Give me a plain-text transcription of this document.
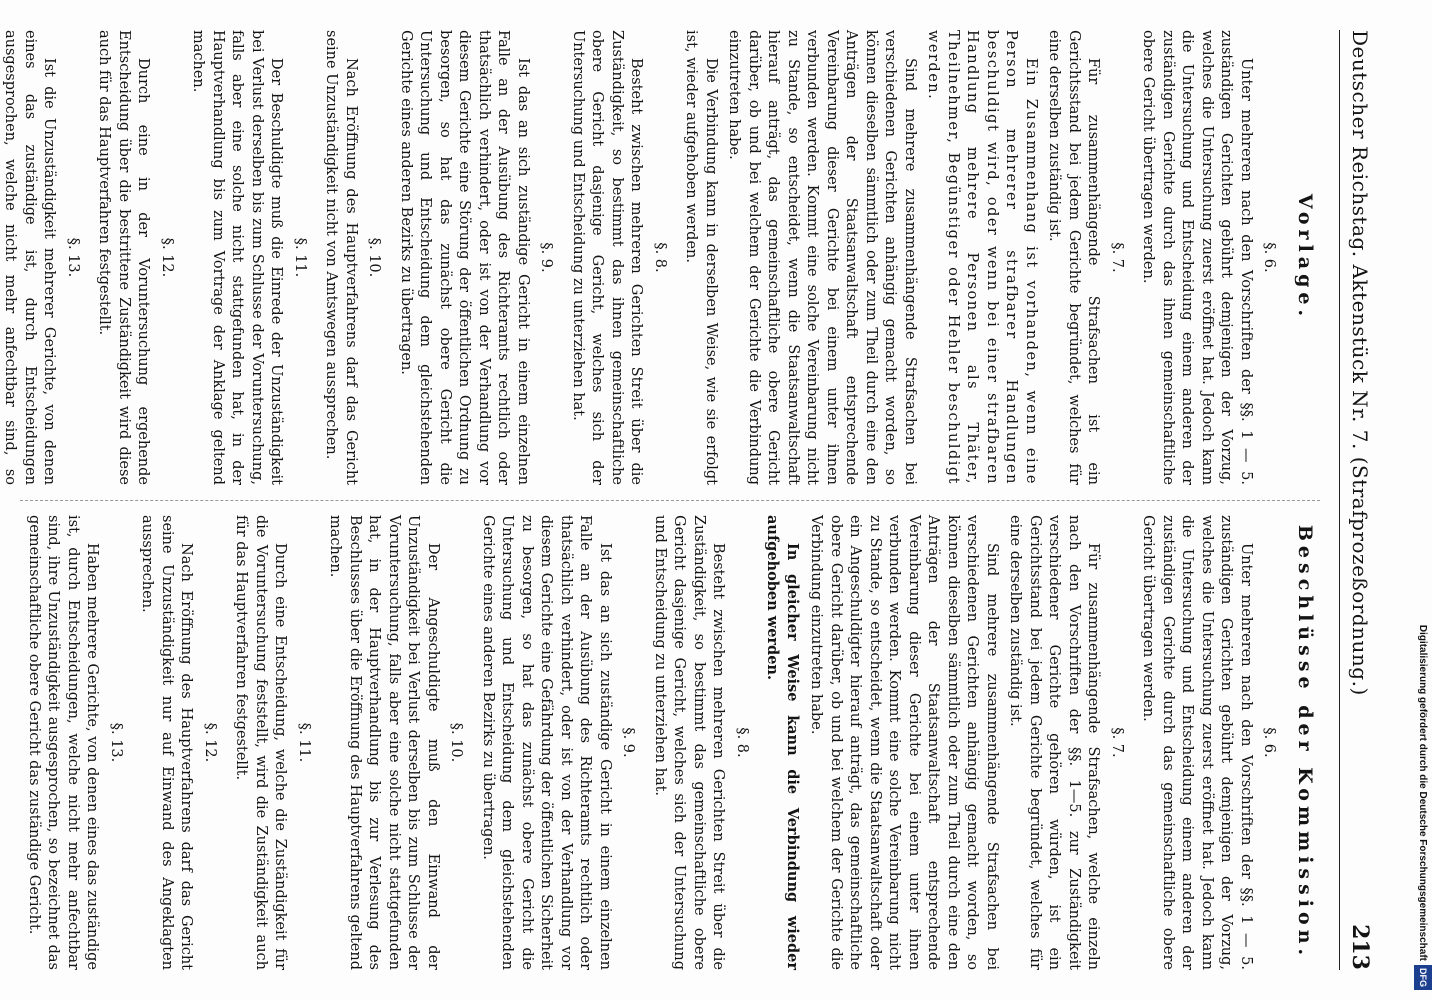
Deutscher Reichstag. Aktenstück Nr. 7. (Strafprozeßordnung.)
213
Vorlage.
§. 6.

Unter mehreren nach den Vorschriften der §§. 1 — 5. zuständigen Gerichten gebührt demjenigen der Vorzug, welches die Untersuchung zuerst eröffnet hat. Jedoch kann die Untersuchung und Entscheidung einem anderen der zuständigen Gerichte durch das ihnen gemeinschaftliche obere Gericht übertragen werden.

§. 7.

Für zusammenhängende Strafsachen ist ein Gerichtsstand bei jedem Gerichte begründet, welches für eine derselben zuständig ist.

Ein Zusammenhang ist vorhanden, wenn eine Person mehrerer strafbarer Handlungen beschuldigt wird, oder wenn bei einer strafbaren Handlung mehrere Personen als Thäter, Theilnehmer, Begünstiger oder Hehler beschuldigt werden.

Sind mehrere zusammenhängende Strafsachen bei verschiedenen Gerichten anhängig gemacht worden, so können dieselben sämmtlich oder zum Theil durch eine den Anträgen der Staatsanwaltschaft entsprechende Vereinbarung dieser Gerichte bei einem unter ihnen verbunden werden. Kommt eine solche Vereinbarung nicht zu Stande, so entscheidet, wenn die Staatsanwaltschaft hierauf anträgt, das gemeinschaftliche obere Gericht darüber, ob und bei welchem der Gerichte die Verbindung einzutreten habe.

Die Verbindung kann in derselben Weise, wie sie erfolgt ist, wieder aufgehoben werden.

§. 8.

Besteht zwischen mehreren Gerichten Streit über die Zuständigkeit, so bestimmt das ihnen gemeinschaftliche obere Gericht dasjenige Gericht, welches sich der Untersuchung und Entscheidung zu unterziehen hat.

§. 9.

Ist das an sich zuständige Gericht in einem einzelnen Falle an der Ausübung des Richteramts rechtlich oder thatsächlich verhindert, oder ist von der Verhandlung vor diesem Gerichte eine Störung der öffentlichen Ordnung zu besorgen, so hat das zunächst obere Gericht die Untersuchung und Entscheidung dem gleichstehenden Gerichte eines anderen Bezirks zu übertragen.

§. 10.

Nach Eröffnung des Hauptverfahrens darf das Gericht seine Unzuständigkeit nicht von Amtswegen aussprechen.

§. 11.

Der Beschuldigte muß die Einrede der Unzuständigkeit bei Verlust derselben bis zum Schlusse der Voruntersuchung, falls aber eine solche nicht stattgefunden hat, in der Hauptverhandlung bis zum Vortrage der Anklage geltend machen.

§. 12.

Durch eine in der Voruntersuchung ergehende Entscheidung über die bestrittene Zuständigkeit wird diese auch für das Hauptverfahren festgestellt.

§. 13.

Ist die Unzuständigkeit mehrerer Gerichte, von denen eines das zuständige ist, durch Entscheidungen ausgesprochen, welche nicht mehr anfechtbar sind, so

Beschlüsse der Kommission.
§. 6.

Unter mehreren nach den Vorschriften der §§. 1 — 5. zuständigen Gerichten gebührt demjenigen der Vorzug, welches die Untersuchung zuerst eröffnet hat. Jedoch kann die Untersuchung und Entscheidung einem anderen der zuständigen Gerichte durch das gemeinschaftliche obere Gericht übertragen werden.

§. 7.

Für zusammenhängende Strafsachen, welche einzeln nach den Vorschriften der §§. 1—5. zur Zuständigkeit verschiedener Gerichte gehören würden, ist ein Gerichtsstand bei jedem Gerichte begründet, welches für eine derselben zuständig ist.

Sind mehrere zusammenhängende Strafsachen bei verschiedenen Gerichten anhängig gemacht worden, so können dieselben sämmtlich oder zum Theil durch eine den Anträgen der Staatsanwaltschaft entsprechende Vereinbarung dieser Gerichte bei einem unter ihnen verbunden werden. Kommt eine solche Vereinbarung nicht zu Stande, so entscheidet, wenn die Staatsanwaltschaft oder ein Angeschuldigter hierauf anträgt, das gemeinschaftliche obere Gericht darüber, ob und bei welchem der Gerichte die Verbindung einzutreten habe.

In gleicher Weise kann die Verbindung wieder aufgehoben werden.

§. 8.

Besteht zwischen mehreren Gerichten Streit über die Zuständigkeit, so bestimmt das gemeinschaftliche obere Gericht dasjenige Gericht, welches sich der Untersuchung und Entscheidung zu unterziehen hat.

§. 9.

Ist das an sich zuständige Gericht in einem einzelnen Falle an der Ausübung des Richteramts rechtlich oder thatsächlich verhindert, oder ist von der Verhandlung vor diesem Gerichte eine Gefährdung der öffentlichen Sicherheit zu besorgen, so hat das zunächst obere Gericht die Untersuchung und Entscheidung dem gleichstehenden Gerichte eines anderen Bezirks zu übertragen.

§. 10.

Der Angeschuldigte muß den Einwand der Unzuständigkeit bei Verlust derselben bis zum Schlusse der Voruntersuchung, falls aber eine solche nicht stattgefunden hat, in der Hauptverhandlung bis zur Verlesung des Beschlusses über die Eröffnung des Hauptverfahrens geltend machen.

§. 11.

Durch eine Entscheidung, welche die Zuständigkeit für die Voruntersuchung feststellt, wird die Zuständigkeit auch für das Hauptverfahren festgestellt.

§. 12.

Nach Eröffnung des Hauptverfahrens darf das Gericht seine Unzuständigkeit nur auf Einwand des Angeklagten aussprechen.

§. 13.

Haben mehrere Gerichte, von denen eines das zuständige ist, durch Entscheidungen, welche nicht mehr anfechtbar sind, ihre Unzuständigkeit ausgesprochen, so bezeichnet das gemeinschaftliche obere Gericht das zuständige Gericht.	Digitalisierung gefördert durch die Deutsche ForschungsgemeinschaftDFG
